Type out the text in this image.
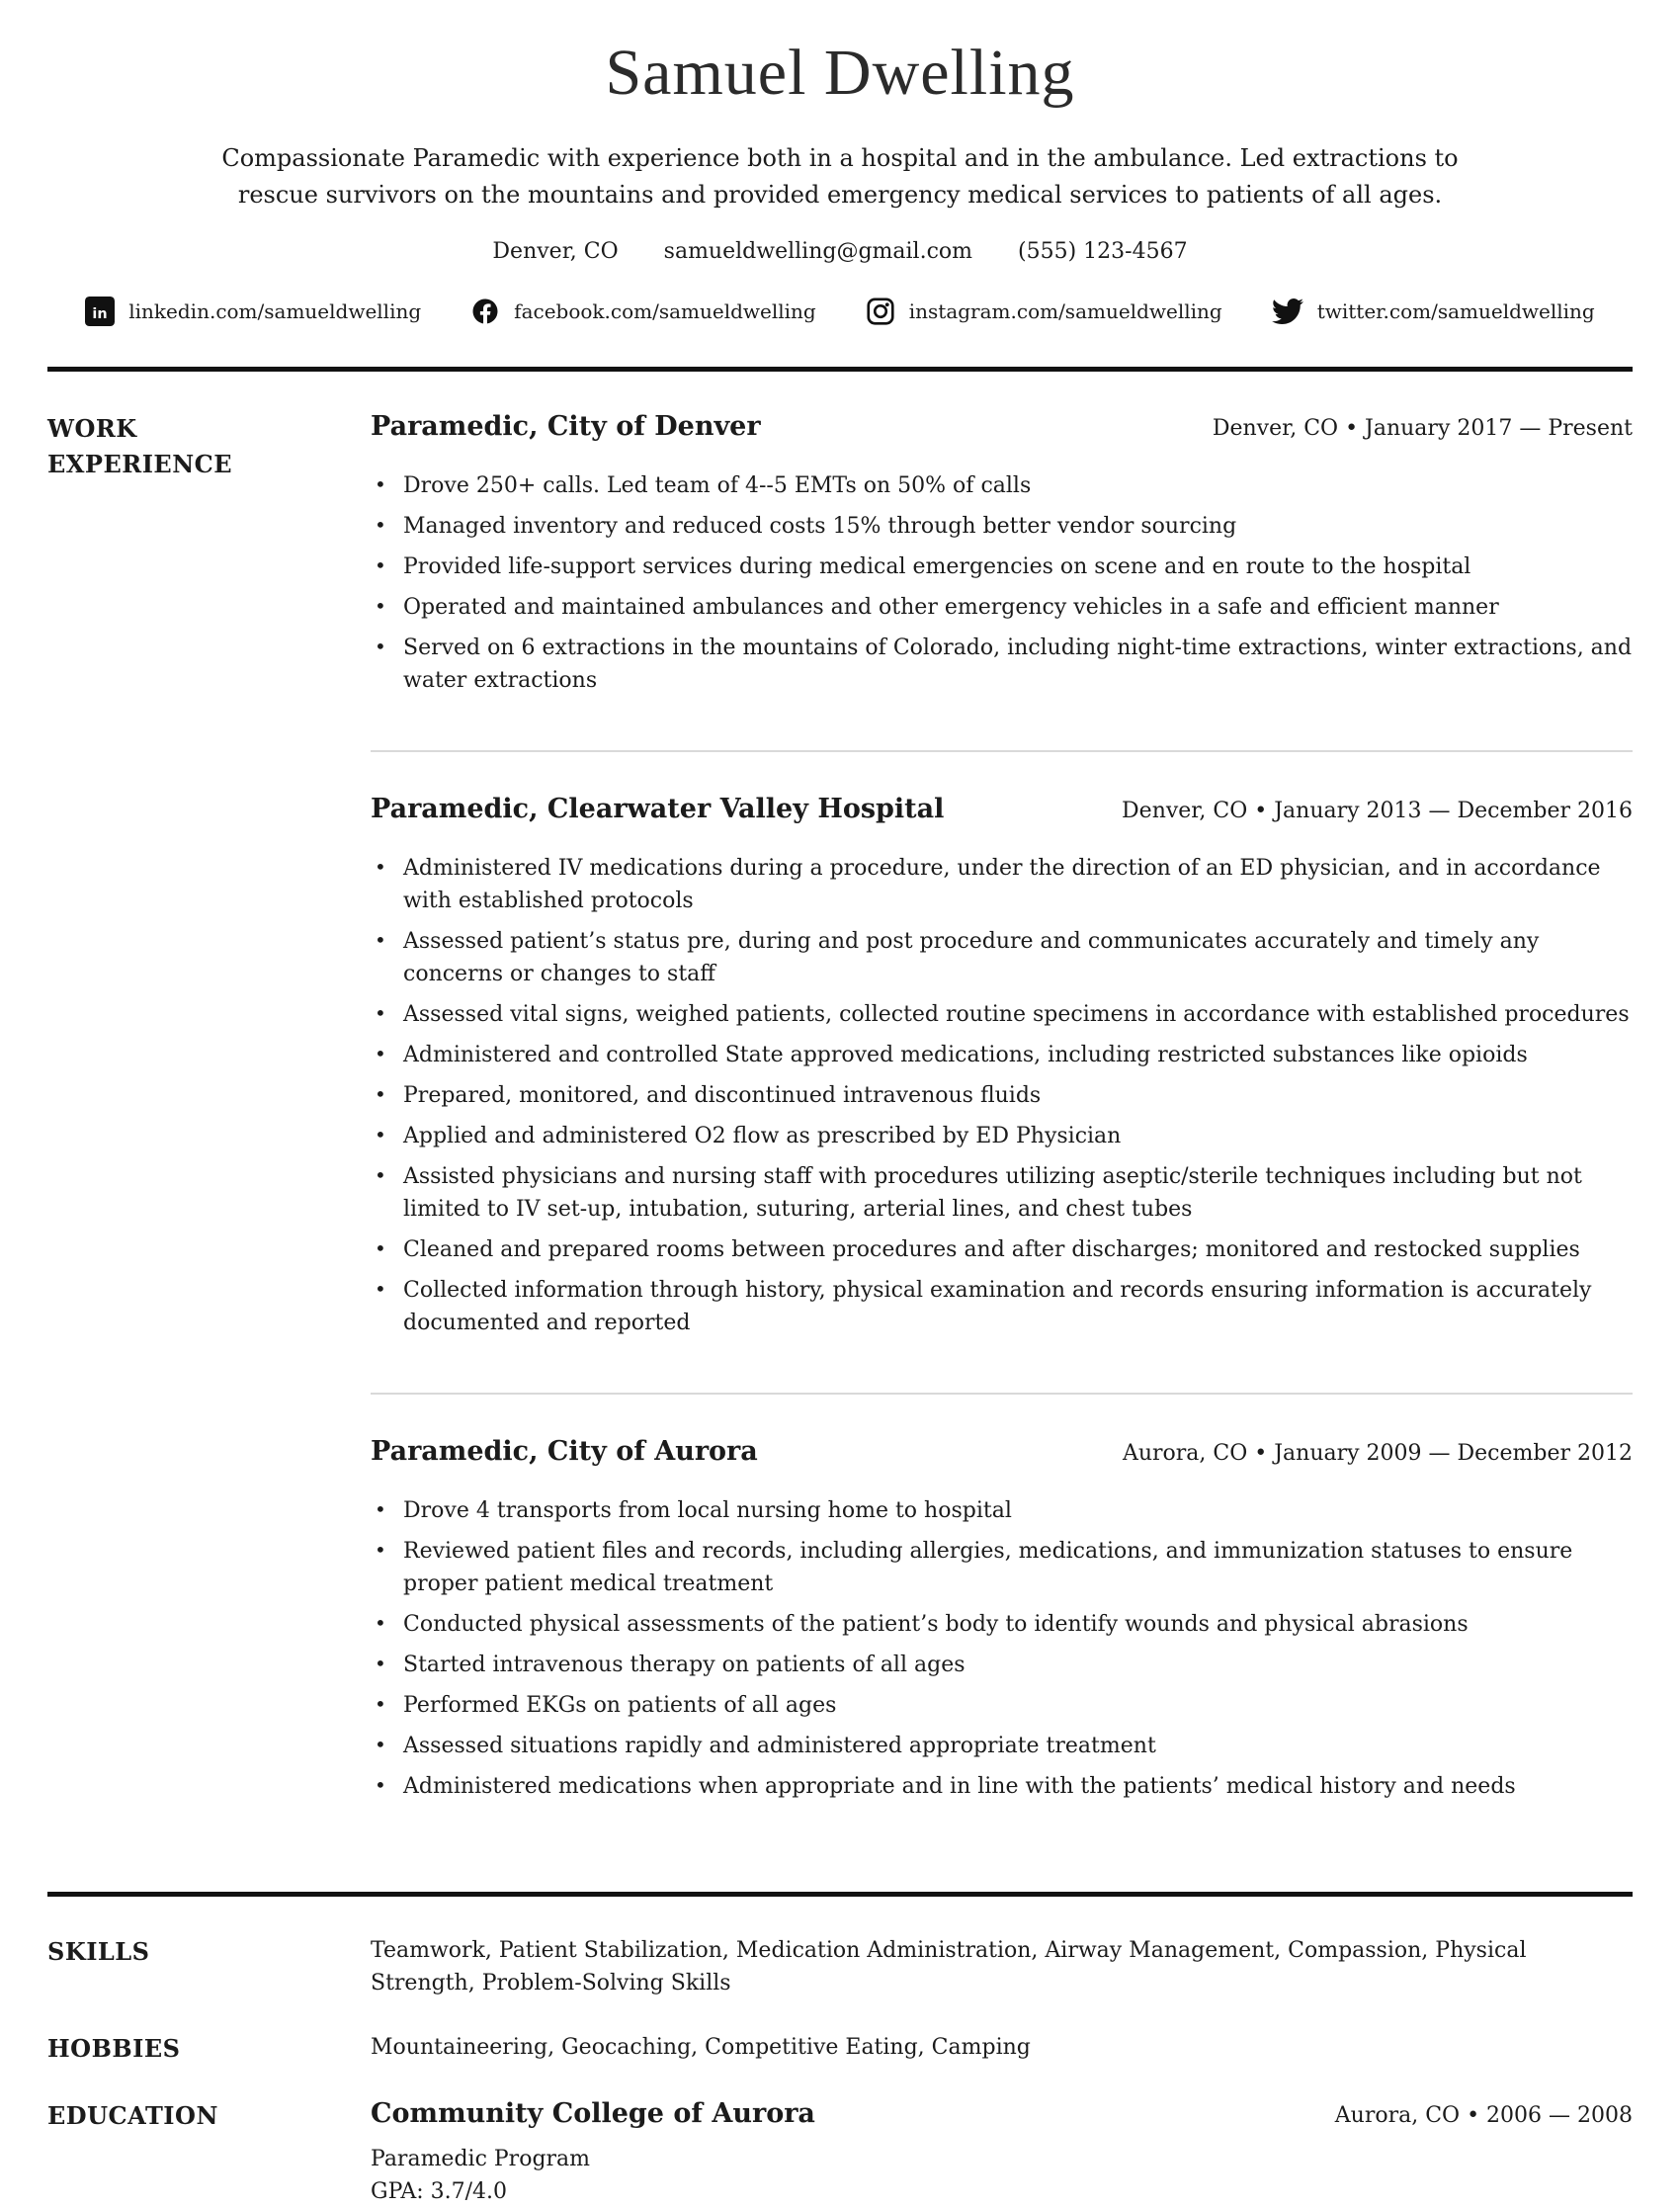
Samuel Dwelling

Compassionate Paramedic with experience both in a hospital and in the ambulance. Led extractions to rescue survivors on the mountains and provided emergency medical services to patients of all ages.

Denver, CO samueldwelling@gmail.com (555) 123-4567
in linkedin.com/samueldwelling	facebook.com/samueldwelling	instagram.com/samueldwelling	twitter.com/samueldwelling
WORK EXPERIENCE
Paramedic, City of Denver	Denver, CO • January 2017 — Present
• Drove 250+ calls. Led team of 4--5 EMTs on 50% of calls
• Managed inventory and reduced costs 15% through better vendor sourcing
• Provided life-support services during medical emergencies on scene and en route to the hospital
• Operated and maintained ambulances and other emergency vehicles in a safe and efficient manner
• Served on 6 extractions in the mountains of Colorado, including night-time extractions, winter extractions, and water extractions
Paramedic, Clearwater Valley Hospital	Denver, CO • January 2013 — December 2016
• Administered IV medications during a procedure, under the direction of an ED physician, and in accordance with established protocols
• Assessed patient’s status pre, during and post procedure and communicates accurately and timely any concerns or changes to staff
• Assessed vital signs, weighed patients, collected routine specimens in accordance with established procedures
• Administered and controlled State approved medications, including restricted substances like opioids
• Prepared, monitored, and discontinued intravenous fluids
• Applied and administered O2 flow as prescribed by ED Physician
• Assisted physicians and nursing staff with procedures utilizing aseptic/sterile techniques including but not limited to IV set-up, intubation, suturing, arterial lines, and chest tubes
• Cleaned and prepared rooms between procedures and after discharges; monitored and restocked supplies
• Collected information through history, physical examination and records ensuring information is accurately documented and reported
Paramedic, City of Aurora	Aurora, CO • January 2009 — December 2012
• Drove 4 transports from local nursing home to hospital
• Reviewed patient files and records, including allergies, medications, and immunization statuses to ensure proper patient medical treatment
• Conducted physical assessments of the patient’s body to identify wounds and physical abrasions
• Started intravenous therapy on patients of all ages
• Performed EKGs on patients of all ages
• Assessed situations rapidly and administered appropriate treatment
• Administered medications when appropriate and in line with the patients’ medical history and needs
SKILLS	Teamwork, Patient Stabilization, Medication Administration, Airway Management, Compassion, Physical Strength, Problem-Solving Skills
HOBBIES	Mountaineering, Geocaching, Competitive Eating, Camping
EDUCATION	Community College of Aurora	Aurora, CO • 2006 — 2008
Paramedic Program
GPA: 3.7/4.0
